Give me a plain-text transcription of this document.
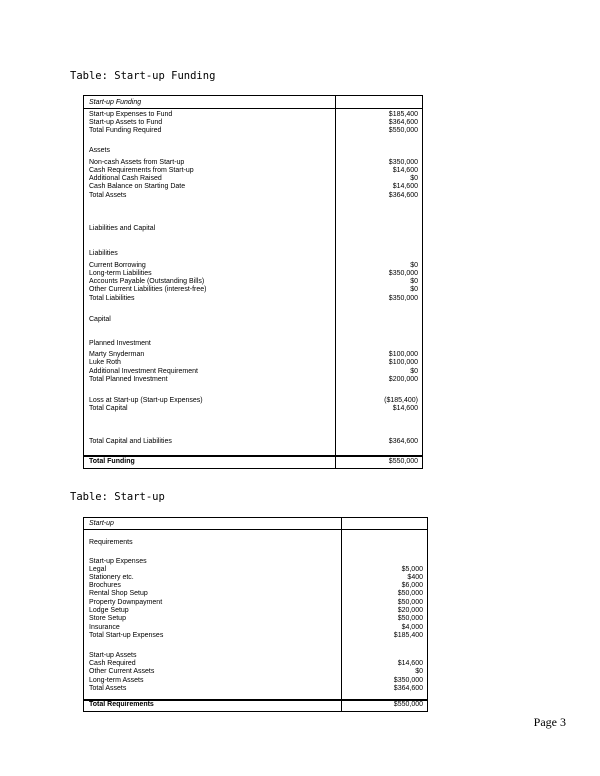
Table: Start-up Funding
Start-up Funding
Start-up Expenses to Fund	$185,400
Start-up Assets to Fund	$364,600
Total Funding Required	$550,000
Assets
Non-cash Assets from Start-up	$350,000
Cash Requirements from Start-up	$14,600
Additional Cash Raised	$0
Cash Balance on Starting Date	$14,600
Total Assets	$364,600
Liabilities and Capital
Liabilities
Current Borrowing	$0
Long-term Liabilities	$350,000
Accounts Payable (Outstanding Bills)	$0
Other Current Liabilities (interest-free)	$0
Total Liabilities	$350,000
Capital
Planned Investment
Marty Snyderman	$100,000
Luke Roth	$100,000
Additional Investment Requirement	$0
Total Planned Investment	$200,000
Loss at Start-up (Start-up Expenses)	($185,400)
Total Capital	$14,600
Total Capital and Liabilities	$364,600
Total Funding	$550,000
Table: Start-up
Start-up
Requirements
Start-up Expenses
Legal	$5,000
Stationery etc.	$400
Brochures	$6,000
Rental Shop Setup	$50,000
Property Downpayment	$50,000
Lodge Setup	$20,000
Store Setup	$50,000
Insurance	$4,000
Total Start-up Expenses	$185,400
Start-up Assets
Cash Required	$14,600
Other Current Assets	$0
Long-term Assets	$350,000
Total Assets	$364,600
Total Requirements	$550,000
Page 3
